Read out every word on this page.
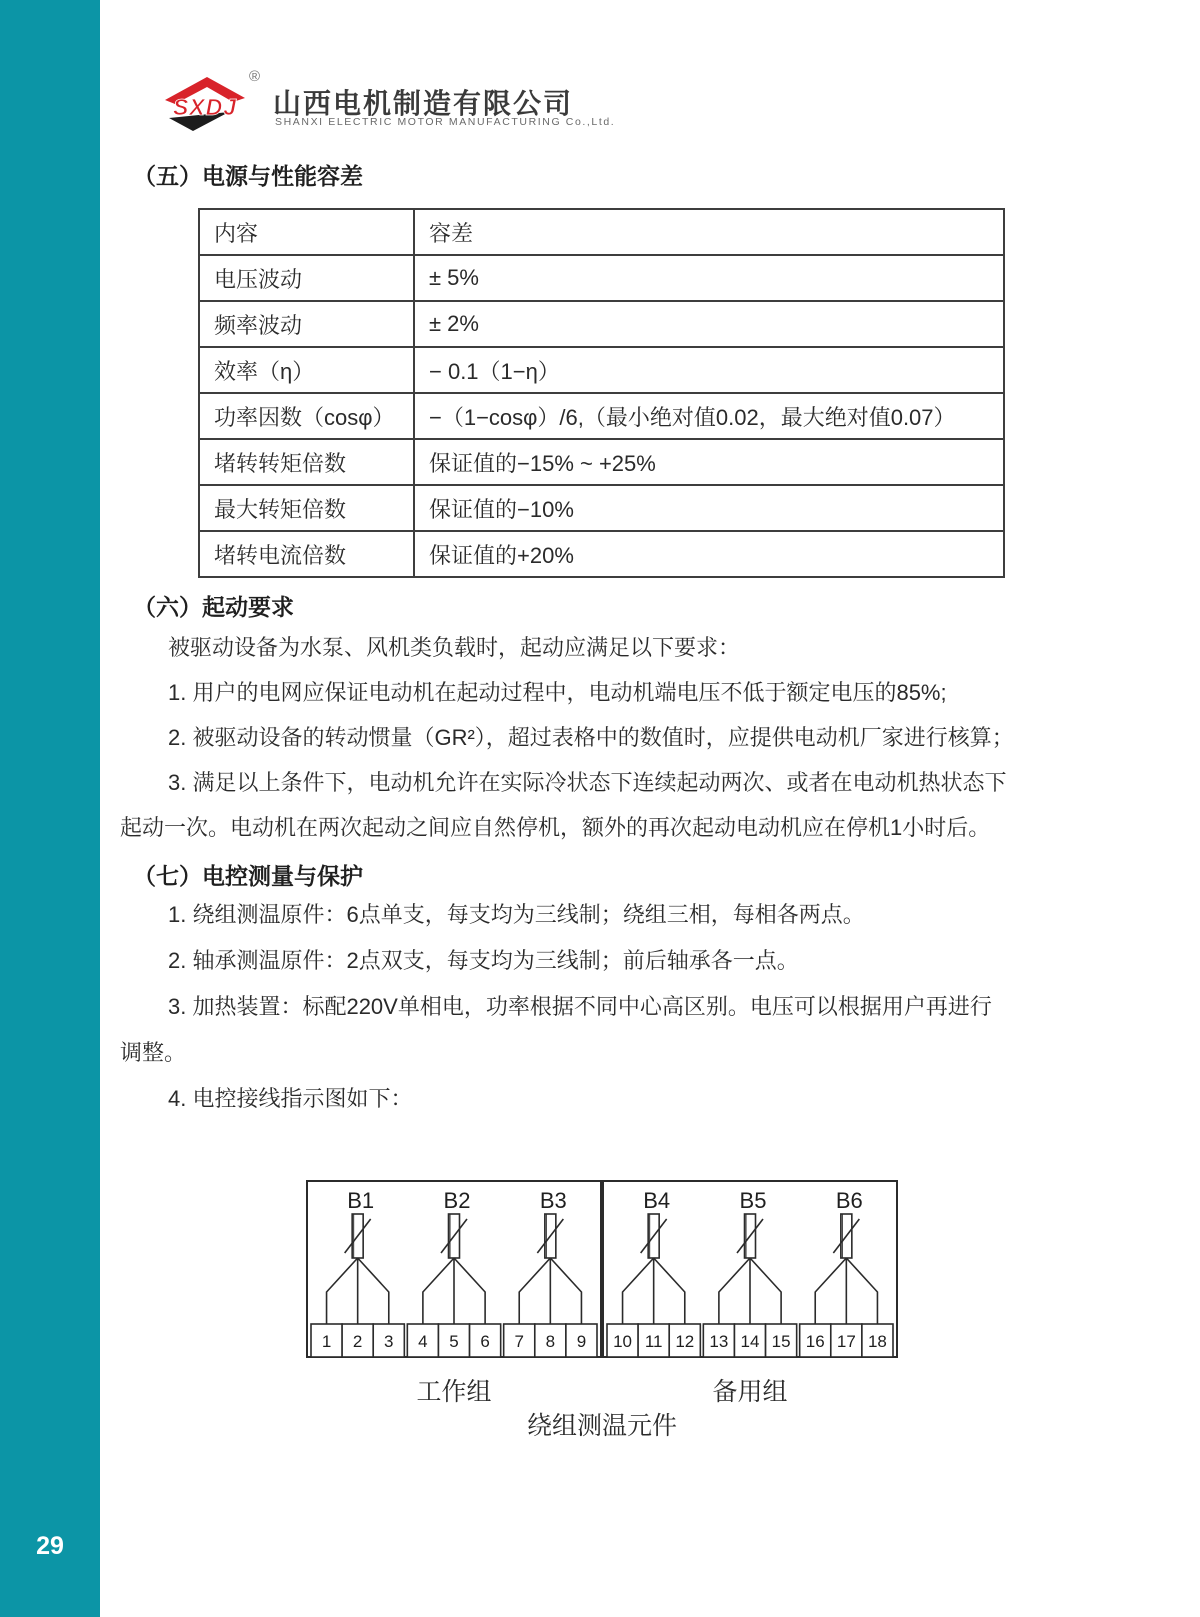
29
SXDJ
®
山西电机制造有限公司
SHANXI ELECTRIC MOTOR MANUFACTURING Co.,Ltd.
（五）电源与性能容差
内容	容差
电压波动	± 5%
频率波动	± 2%
效率（η）	− 0.1（1−η）
功率因数（cosφ）	−（1−cosφ）/6,（最小绝对值0.02，最大绝对值0.07）
堵转转矩倍数	保证值的−15% ~ +25%
最大转矩倍数	保证值的−10%
堵转电流倍数	保证值的+20%
（六）起动要求
被驱动设备为水泵、风机类负载时，起动应满足以下要求：
1. 用户的电网应保证电动机在起动过程中，电动机端电压不低于额定电压的85%;
2. 被驱动设备的转动惯量（GR²），超过表格中的数值时，应提供电动机厂家进行核算；
3. 满足以上条件下，电动机允许在实际冷状态下连续起动两次、或者在电动机热状态下
起动一次。电动机在两次起动之间应自然停机，额外的再次起动电动机应在停机1小时后。
（七）电控测量与保护
1. 绕组测温原件：6点单支，每支均为三线制；绕组三相，每相各两点。
2. 轴承测温原件：2点双支，每支均为三线制；前后轴承各一点。
3. 加热装置：标配220V单相电，功率根据不同中心高区别。电压可以根据用户再进行
调整。
4. 电控接线指示图如下：
1 2 3
B1
4 5 6
B2
7 8 9
B3
10 11 12
B4
13 14 15
B5
16 17 18
B6
工作组	备用组
绕组测温元件
